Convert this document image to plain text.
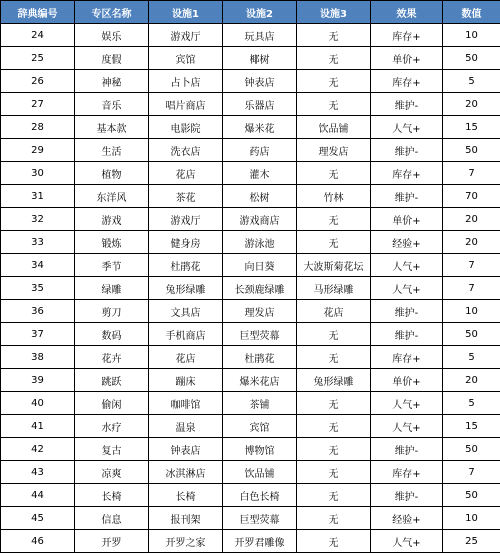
辞典编号	专区名称	设施1	设施2	设施3	效果	数值
24	娱乐	游戏厅	玩具店	无	库存+	10
25	度假	宾馆	椰树	无	单价+	50
26	神秘	占卜店	钟表店	无	库存+	5
27	音乐	唱片商店	乐器店	无	维护-	20
28	基本款	电影院	爆米花	饮品铺	人气+	15
29	生活	洗衣店	药店	理发店	维护-	50
30	植物	花店	灌木	无	库存+	7
31	东洋风	茶花	松树	竹林	维护-	70
32	游戏	游戏厅	游戏商店	无	单价+	20
33	锻炼	健身房	游泳池	无	经验+	20
34	季节	杜鹃花	向日葵	大波斯菊花坛	人气+	7
35	绿雕	兔形绿雕	长颈鹿绿雕	马形绿雕	人气+	7
36	剪刀	文具店	理发店	花店	维护-	10
37	数码	手机商店	巨型荧幕	无	维护-	50
38	花卉	花店	杜鹃花	无	库存+	5
39	跳跃	蹦床	爆米花店	兔形绿雕	单价+	20
40	偷闲	咖啡馆	茶铺	无	人气+	5
41	水疗	温泉	宾馆	无	人气+	15
42	复古	钟表店	博物馆	无	维护-	50
43	凉爽	冰淇淋店	饮品铺	无	库存+	7
44	长椅	长椅	白色长椅	无	维护-	50
45	信息	报刊架	巨型荧幕	无	经验+	10
46	开罗	开罗之家	开罗君雕像	无	人气+	25
